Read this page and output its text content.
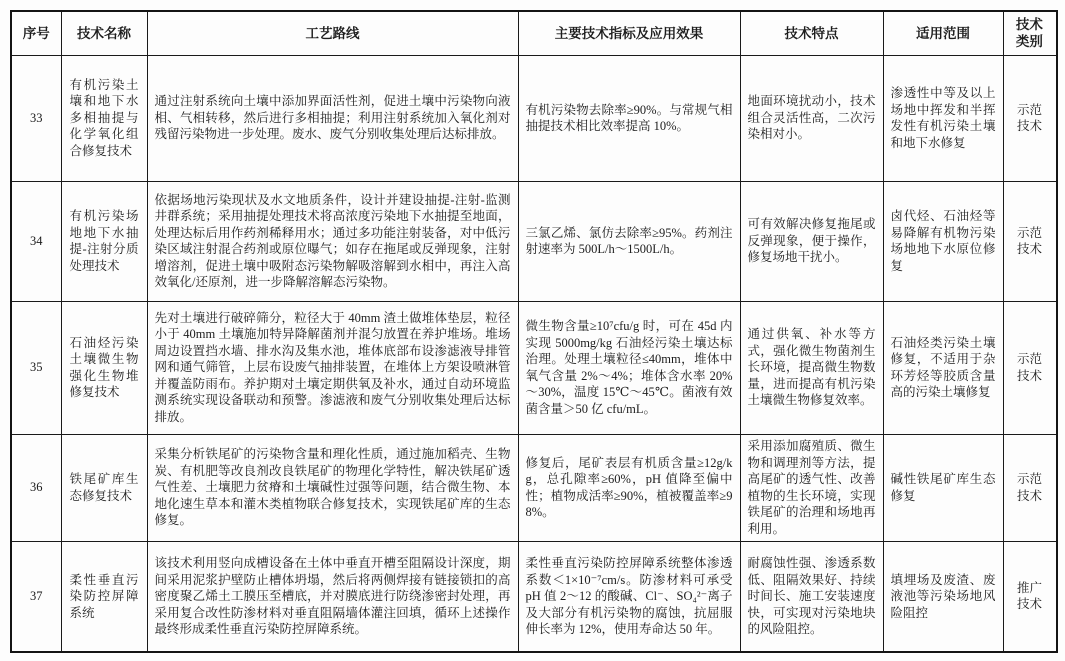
序号	技术名称	工艺路线	主要技术指标及应用效果	技术特点	适用范围	技术类别

33	有机污染土壤和地下水多相抽提与化学氧化组合修复技术	通过注射系统向土壤中添加界面活性剂，促进土壤中污染物向液相、气相转移，然后进行多相抽提；利用注射系统加入氧化剂对残留污染物进一步处理。废水、废气分别收集处理后达标排放。	有机污染物去除率≥90%。与常规气相抽提技术相比效率提高 10%。	地面环境扰动小，技术组合灵活性高，二次污染相对小。	渗透性中等及以上场地中挥发和半挥发性有机污染土壤和地下水修复	示范技术

34	有机污染场地地下水抽提-注射分质处理技术	依据场地污染现状及水文地质条件，设计并建设抽提-注射-监测井群系统；采用抽提处理技术将高浓度污染地下水抽提至地面，处理达标后用作药剂稀释用水；通过多功能注射装备，对中低污染区域注射混合药剂或原位曝气；如存在拖尾或反弹现象，注射增溶剂，促进土壤中吸附态污染物解吸溶解到水相中，再注入高效氧化/还原剂，进一步降解溶解态污染物。	三氯乙烯、氯仿去除率≥95%。药剂注射速率为 500L/h～1500L/h。	可有效解决修复拖尾或反弹现象，便于操作，修复场地干扰小。	卤代烃、石油烃等易降解有机物污染场地地下水原位修复	示范技术

35	石油烃污染土壤微生物强化生物堆修复技术	先对土壤进行破碎筛分，粒径大于 40mm 渣土做堆体垫层，粒径小于 40mm 土壤施加特异降解菌剂并混匀放置在养护堆场。堆场周边设置挡水墙、排水沟及集水池，堆体底部布设渗滤液导排管网和通气筛管，上层布设废气抽排装置，在堆体上方架设喷淋管并覆盖防雨布。养护期对土壤定期供氧及补水，通过自动环境监测系统实现设备联动和预警。渗滤液和废气分别收集处理后达标排放。	微生物含量≥10⁷cfu/g 时，可在 45d 内实现 5000mg/kg 石油烃污染土壤达标治理。处理土壤粒径≤40mm，堆体中氧气含量 2%～4%；堆体含水率 20%～30%，温度 15℃～45℃。菌液有效菌含量＞50 亿 cfu/mL。	通过供氧、补水等方式，强化微生物菌剂生长环境，提高微生物数量，进而提高有机污染土壤微生物修复效率。	石油烃类污染土壤修复，不适用于杂环芳烃等胶质含量高的污染土壤修复	示范技术

36	铁尾矿库生态修复技术	采集分析铁尾矿的污染物含量和理化性质，通过施加稻壳、生物炭、有机肥等改良剂改良铁尾矿的物理化学特性，解决铁尾矿透气性差、土壤肥力贫瘠和土壤碱性过强等问题，结合微生物、本地化速生草本和灌木类植物联合修复技术，实现铁尾矿库的生态修复。	修复后，尾矿表层有机质含量≥12g/kg，总孔隙率≥60%，pH 值降至偏中性；植物成活率≥90%，植被覆盖率≥98%。	采用添加腐殖质、微生物和调理剂等方法，提高尾矿的透气性、改善植物的生长环境，实现铁尾矿的治理和场地再利用。	碱性铁尾矿库生态修复	示范技术

37	柔性垂直污染防控屏障系统	该技术利用竖向成槽设备在土体中垂直开槽至阻隔设计深度，期间采用泥浆护壁防止槽体坍塌，然后将两侧焊接有链接锁扣的高密度聚乙烯土工膜压至槽底，并对膜底进行防绕渗密封处理，再采用复合改性防渗材料对垂直阻隔墙体灌注回填，循环上述操作最终形成柔性垂直污染防控屏障系统。	柔性垂直污染防控屏障系统整体渗透系数＜1×10⁻⁷cm/s。防渗材料可承受 pH 值 2～12 的酸碱、Cl⁻、SO₄²⁻离子及大部分有机污染物的腐蚀，抗屈服伸长率为 12%，使用寿命达 50 年。	耐腐蚀性强、渗透系数低、阻隔效果好、持续时间长、施工安装速度快，可实现对污染地块的风险阻控。	填埋场及废渣、废液池等污染场地风险阻控	推广技术
